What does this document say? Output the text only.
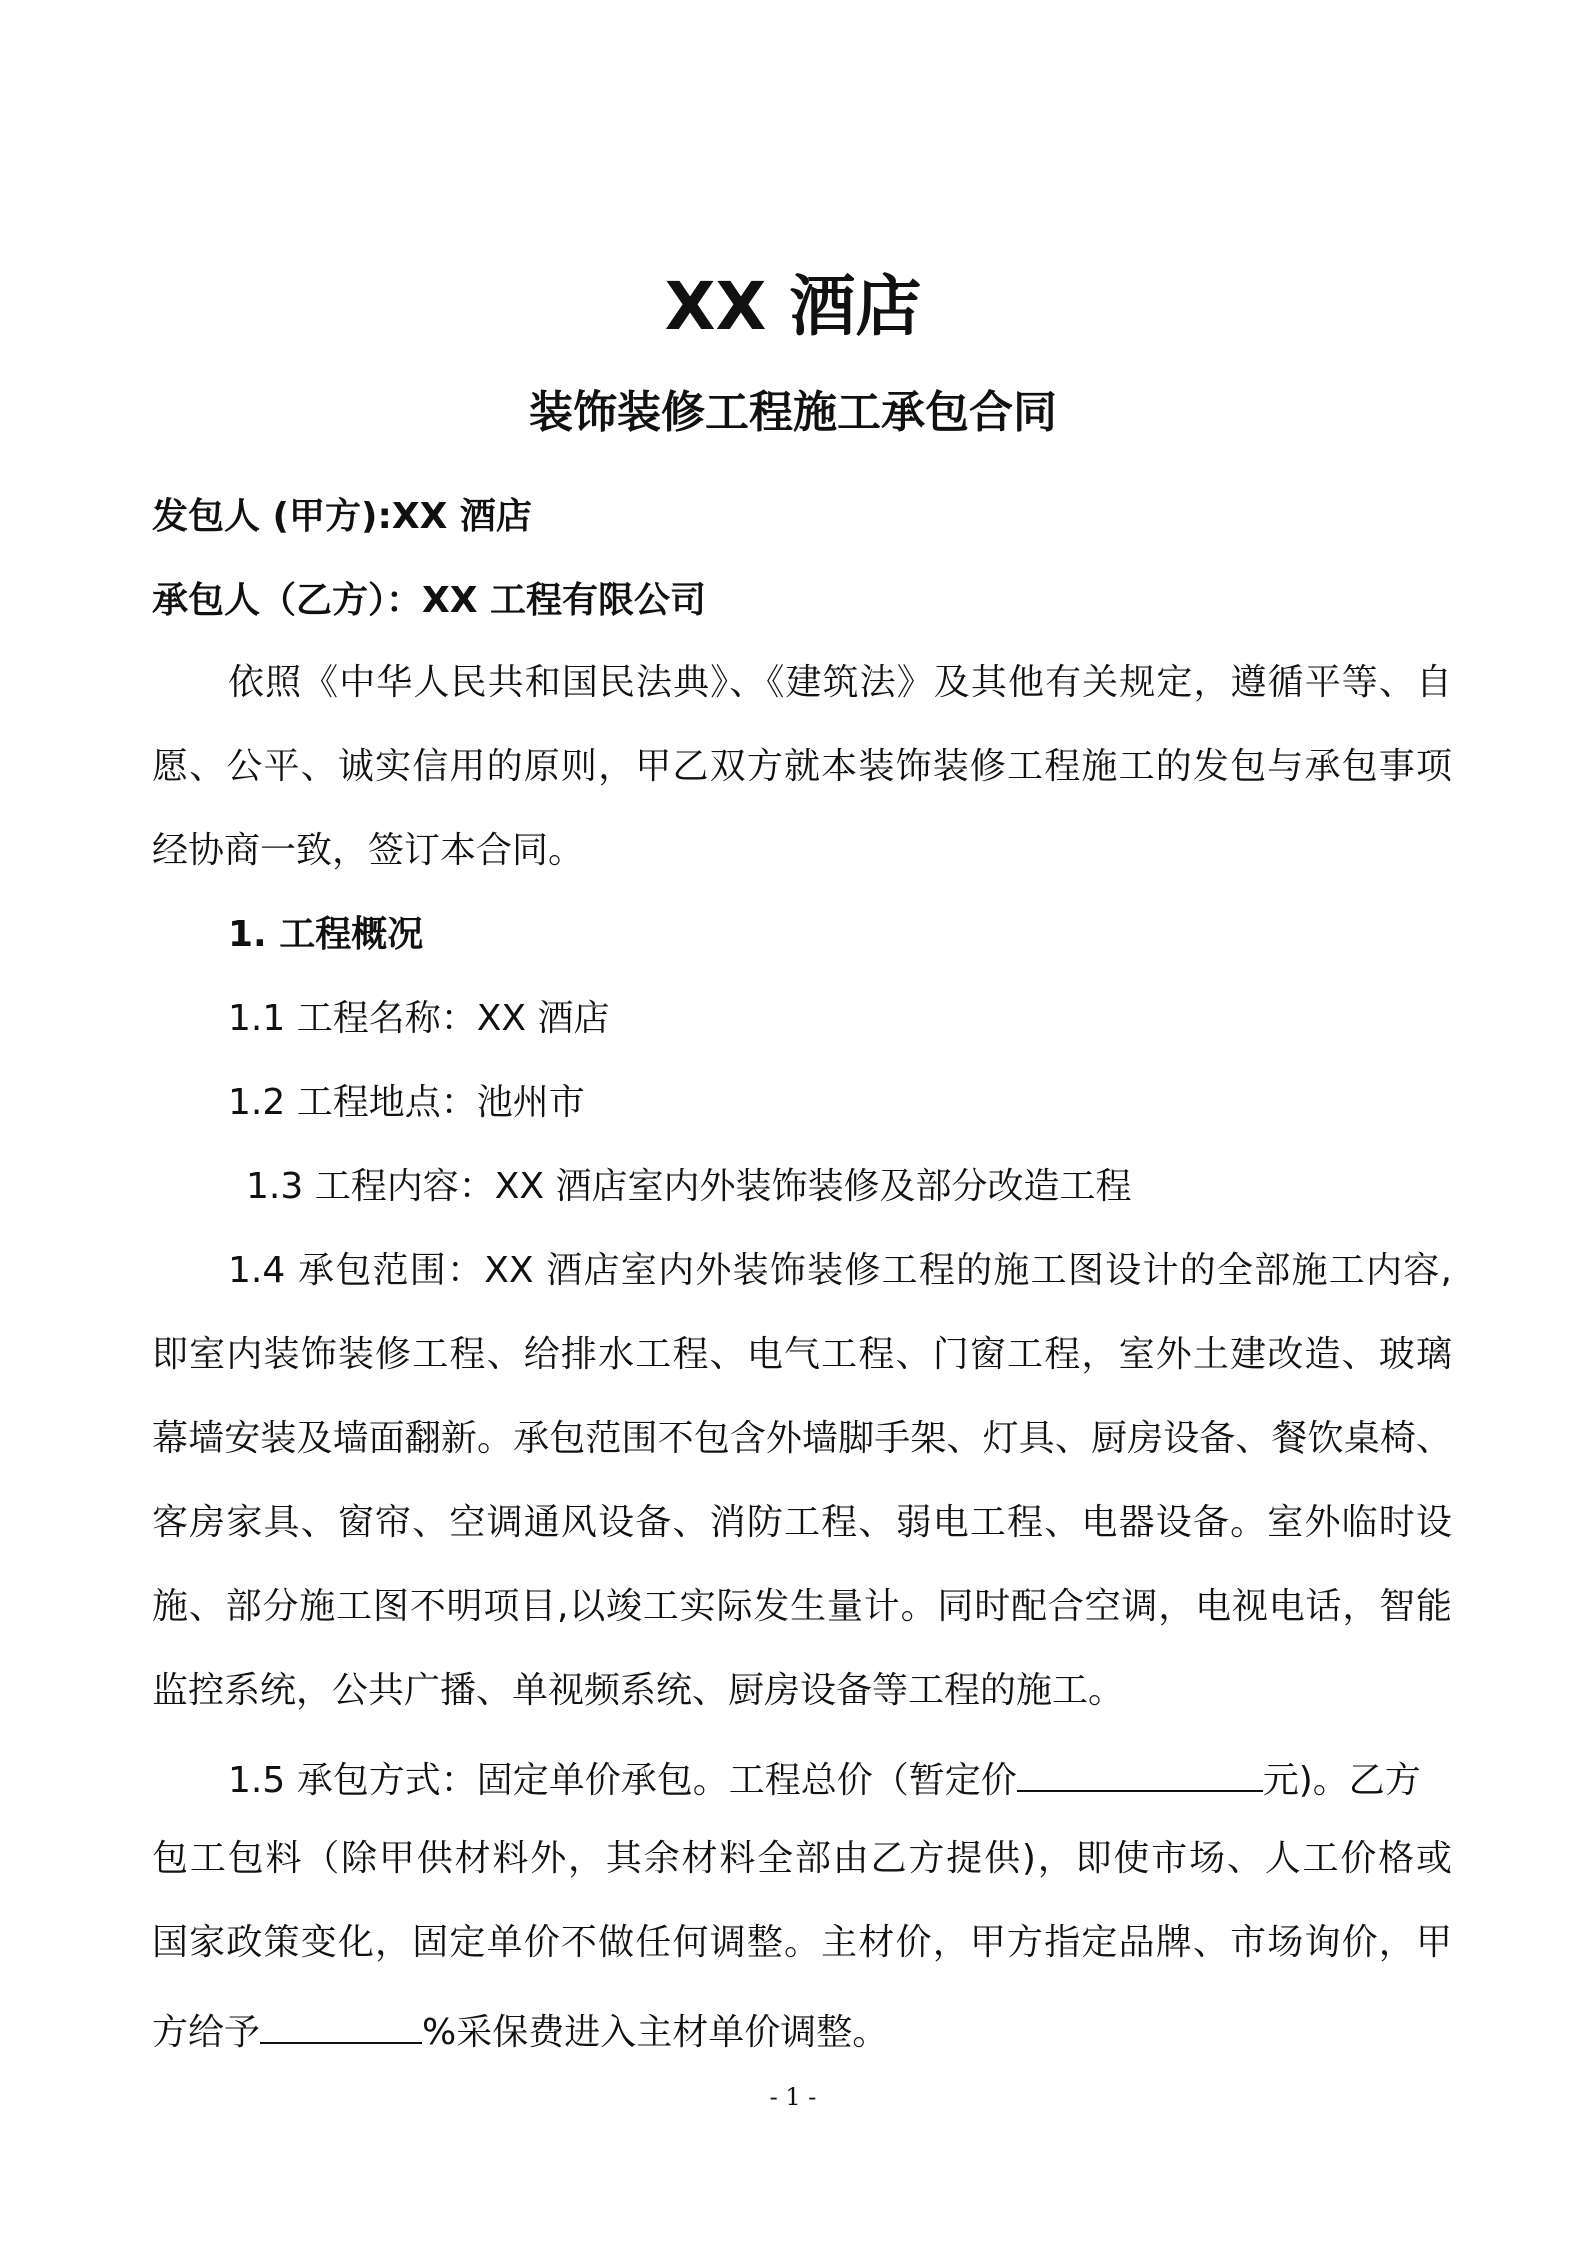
XX 酒店
装饰装修工程施工承包合同
发包人 (甲方):XX 酒店
承包人（乙方）：XX 工程有限公司
依照《中华人民共和国民法典》、《建筑法》及其他有关规定，遵循平等、自
愿、公平、诚实信用的原则，甲乙双方就本装饰装修工程施工的发包与承包事项
经协商一致，签订本合同。
1. 工程概况
1.1 工程名称：XX 酒店
1.2 工程地点：池州市
1.3 工程内容：XX 酒店室内外装饰装修及部分改造工程
1.4 承包范围：XX 酒店室内外装饰装修工程的施工图设计的全部施工内容,
即室内装饰装修工程、给排水工程、电气工程、门窗工程，室外土建改造、玻璃
幕墙安装及墙面翻新。承包范围不包含外墙脚手架、灯具、厨房设备、餐饮桌椅、
客房家具、窗帘、空调通风设备、消防工程、弱电工程、电器设备。室外临时设
施、部分施工图不明项目,以竣工实际发生量计。同时配合空调，电视电话，智能
监控系统，公共广播、单视频系统、厨房设备等工程的施工。
1.5 承包方式：固定单价承包。工程总价（暂定价	元)。乙方
包工包料（除甲供材料外，其余材料全部由乙方提供)，即使市场、人工价格或
国家政策变化，固定单价不做任何调整。主材价，甲方指定品牌、市场询价，甲
方给予	%采保费进入主材单价调整。
- 1 -
